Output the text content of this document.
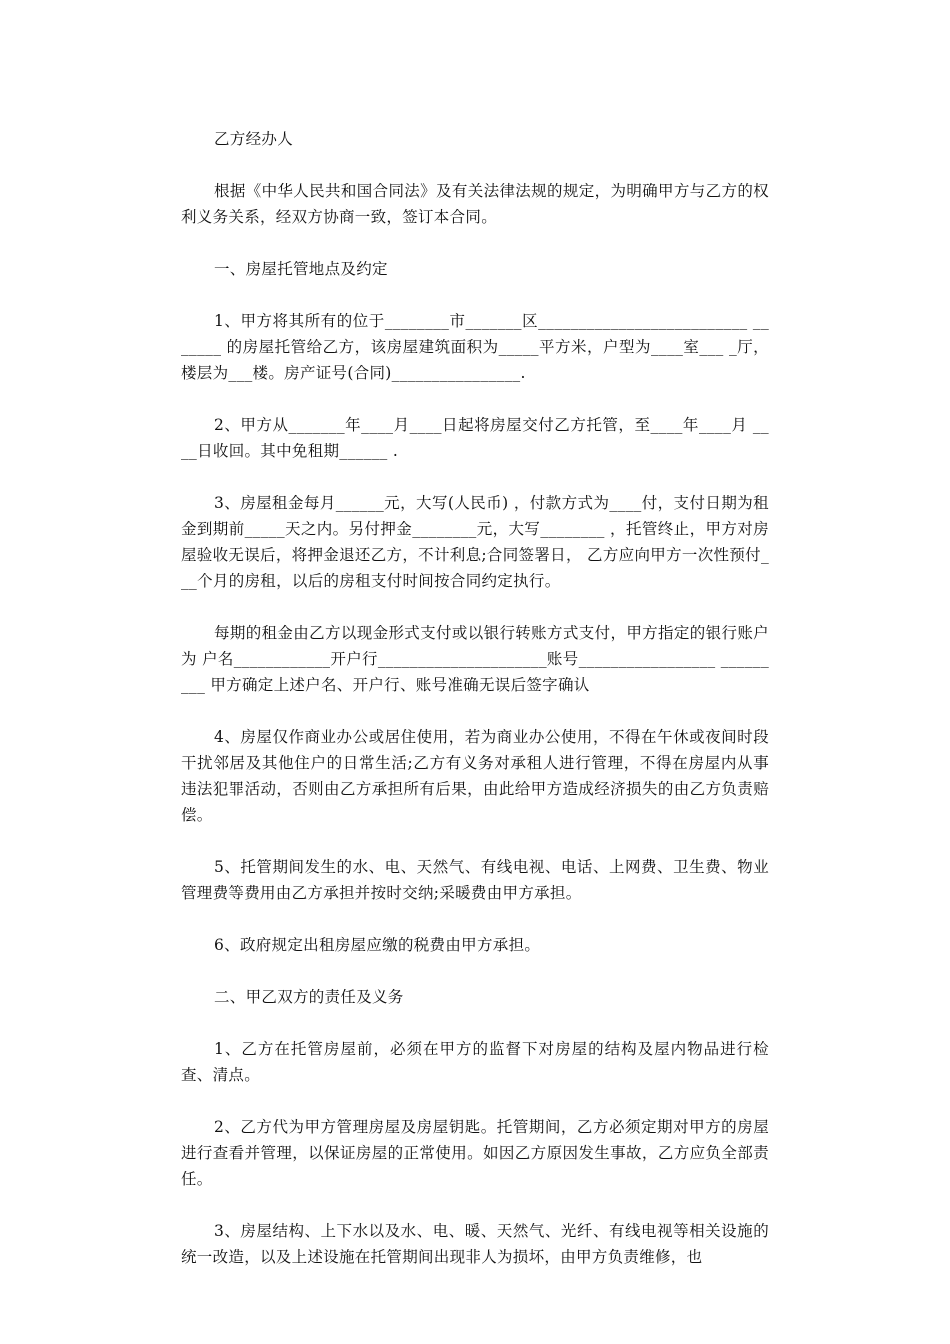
乙方经办人

根据《中华人民共和国合同法》及有关法律法规的规定，为明确甲方与乙方的权利义务关系，经双方协商一致，签订本合同。

一、房屋托管地点及约定

1、甲方将其所有的位于________市_______区__________________________ _______ 的房屋托管给乙方，该房屋建筑面积为_____平方米，户型为____室___ _厅，楼层为___楼。房产证号(合同)________________.

2、甲方从_______年____月____日起将房屋交付乙方托管，至____年____月 ____日收回。其中免租期______ .

3、房屋租金每月______元，大写(人民币) ，付款方式为____付，支付日期为租金到期前_____天之内。另付押金________元，大写________ ，托管终止，甲方对房屋验收无误后，将押金退还乙方，不计利息;合同签署日， 乙方应向甲方一次性预付___个月的房租，以后的房租支付时间按合同约定执行。

每期的租金由乙方以现金形式支付或以银行转账方式支付，甲方指定的银行账户为 户名____________开户行_____________________账号_________________ _________ 甲方确定上述户名、开户行、账号准确无误后签字确认

4、房屋仅作商业办公或居住使用，若为商业办公使用，不得在午休或夜间时段干扰邻居及其他住户的日常生活;乙方有义务对承租人进行管理，不得在房屋内从事违法犯罪活动，否则由乙方承担所有后果，由此给甲方造成经济损失的由乙方负责赔偿。

5、托管期间发生的水、电、天然气、有线电视、电话、上网费、卫生费、物业管理费等费用由乙方承担并按时交纳;采暖费由甲方承担。

6、政府规定出租房屋应缴的税费由甲方承担。

二、甲乙双方的责任及义务

1、乙方在托管房屋前，必须在甲方的监督下对房屋的结构及屋内物品进行检查、清点。

2、乙方代为甲方管理房屋及房屋钥匙。托管期间，乙方必须定期对甲方的房屋进行查看并管理，以保证房屋的正常使用。如因乙方原因发生事故，乙方应负全部责任。

3、房屋结构、上下水以及水、电、暖、天然气、光纤、有线电视等相关设施的统一改造，以及上述设施在托管期间出现非人为损坏，由甲方负责维修，也
